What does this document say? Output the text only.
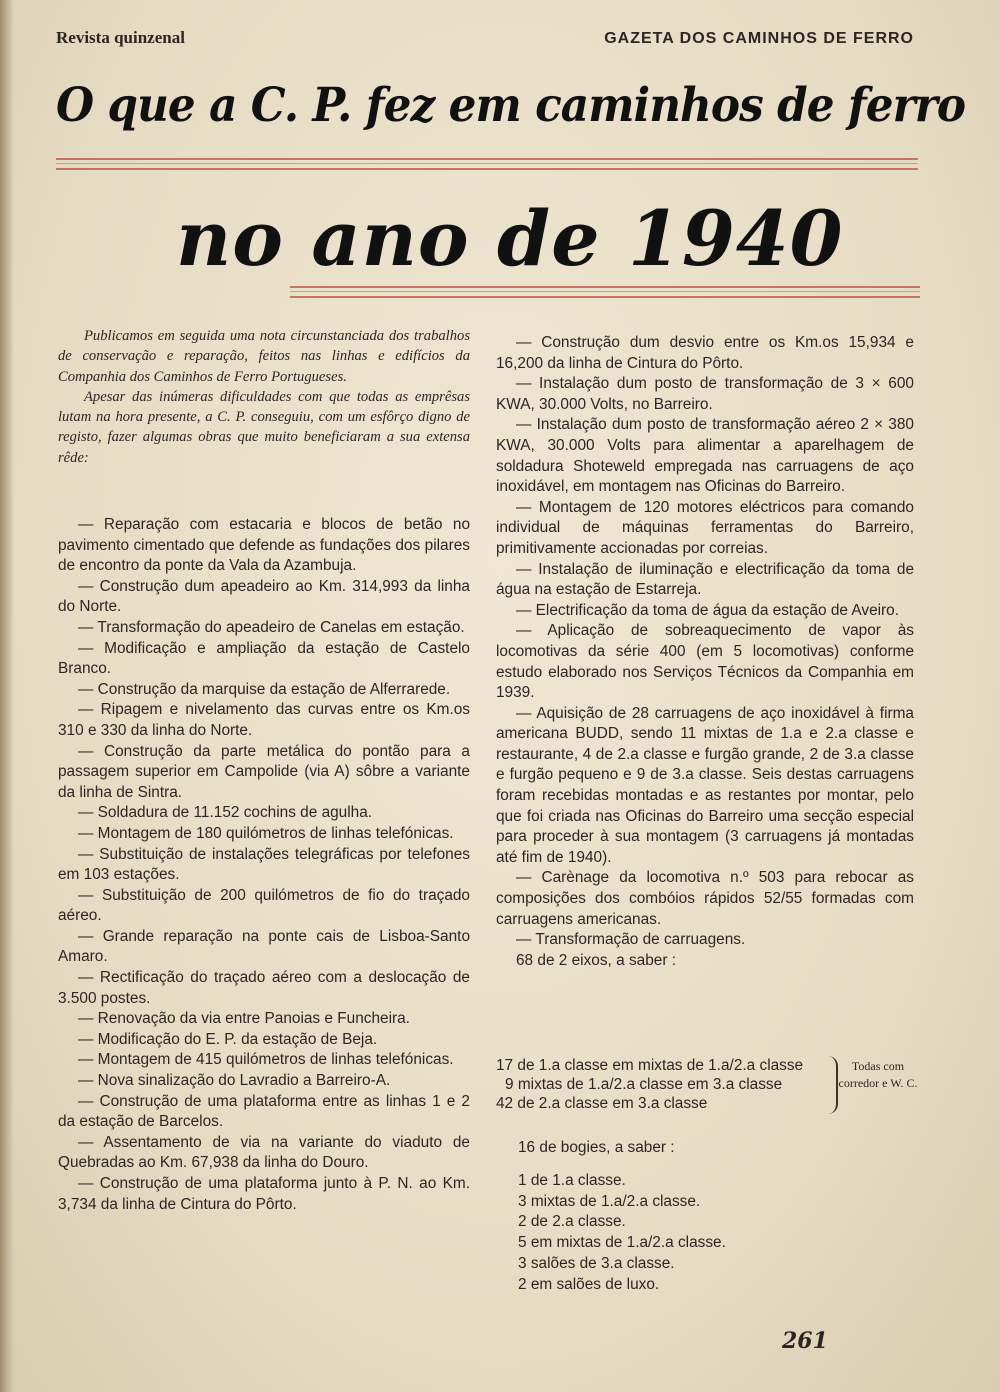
Revista quinzenal	GAZETA DOS CAMINHOS DE FERRO
O que a C. P. fez em caminhos de ferro
no ano de 1940

Publicamos em seguida uma nota circunstanciada dos trabalhos de conservação e reparação, feitos nas linhas e edifícios da Companhia dos Caminhos de Ferro Portugueses.

Apesar das inúmeras dificuldades com que todas as emprêsas lutam na hora presente, a C. P. conseguiu, com um esfôrço digno de registo, fazer algumas obras que muito beneficiaram a sua extensa rêde:

— Reparação com estacaria e blocos de betão no pavimento cimentado que defende as fundações dos pilares de encontro da ponte da Vala da Azambuja.

— Construção dum apeadeiro ao Km. 314,993 da linha do Norte.

— Transformação do apeadeiro de Canelas em estação.

— Modificação e ampliação da estação de Castelo Branco.

— Construção da marquise da estação de Alferrarede.

— Ripagem e nivelamento das curvas entre os Km.os 310 e 330 da linha do Norte.

— Construção da parte metálica do pontão para a passagem superior em Campolide (via A) sôbre a variante da linha de Sintra.

— Soldadura de 11.152 cochins de agulha.

— Montagem de 180 quilómetros de linhas telefónicas.

— Substituição de instalações telegráficas por telefones em 103 estações.

— Substituição de 200 quilómetros de fio do traçado aéreo.

— Grande reparação na ponte cais de Lisboa-Santo Amaro.

— Rectificação do traçado aéreo com a deslocação de 3.500 postes.

— Renovação da via entre Panoias e Funcheira.

— Modificação do E. P. da estação de Beja.

— Montagem de 415 quilómetros de linhas telefónicas.

— Nova sinalização do Lavradio a Barreiro-A.

— Construção de uma plataforma entre as linhas 1 e 2 da estação de Barcelos.

— Assentamento de via na variante do viaduto de Quebradas ao Km. 67,938 da linha do Douro.

— Construção de uma plataforma junto à P. N. ao Km. 3,734 da linha de Cintura do Pôrto.

— Construção dum desvio entre os Km.os 15,934 e 16,200 da linha de Cintura do Pôrto.

— Instalação dum posto de transformação de 3 × 600 KWA, 30.000 Volts, no Barreiro.

— Instalação dum posto de transformação aéreo 2 × 380 KWA, 30.000 Volts para alimentar a aparelhagem de soldadura Shoteweld empregada nas carruagens de aço inoxidável, em montagem nas Oficinas do Barreiro.

— Montagem de 120 motores eléctricos para comando individual de máquinas ferramentas do Barreiro, primitivamente accionadas por correias.

— Instalação de iluminação e electrificação da toma de água na estação de Estarreja.

— Electrificação da toma de água da estação de Aveiro.

— Aplicação de sobreaquecimento de vapor às locomotivas da série 400 (em 5 locomotivas) conforme estudo elaborado nos Serviços Técnicos da Companhia em 1939.

— Aquisição de 28 carruagens de aço inoxidável à firma americana BUDD, sendo 11 mixtas de 1.a e 2.a classe e restaurante, 4 de 2.a classe e furgão grande, 2 de 3.a classe e furgão pequeno e 9 de 3.a classe. Seis destas carruagens foram recebidas montadas e as restantes por montar, pelo que foi criada nas Oficinas do Barreiro uma secção especial para proceder à sua montagem (3 carruagens já montadas até fim de 1940).

— Carènage da locomotiva n.º 503 para rebocar as composições dos combóios rápidos 52/55 formadas com carruagens americanas.

— Transformação de carruagens.

68 de 2 eixos, a saber :

17 de 1.a classe em mixtas de 1.a/2.a classe
9 mixtas de 1.a/2.a classe em 3.a classe
42 de 2.a classe em 3.a classe
Todas com corredor e W. C.
16 de bogies, a saber :
1 de 1.a classe.
3 mixtas de 1.a/2.a classe.
2 de 2.a classe.
5 em mixtas de 1.a/2.a classe.
3 salões de 3.a classe.
2 em salões de luxo.
261
